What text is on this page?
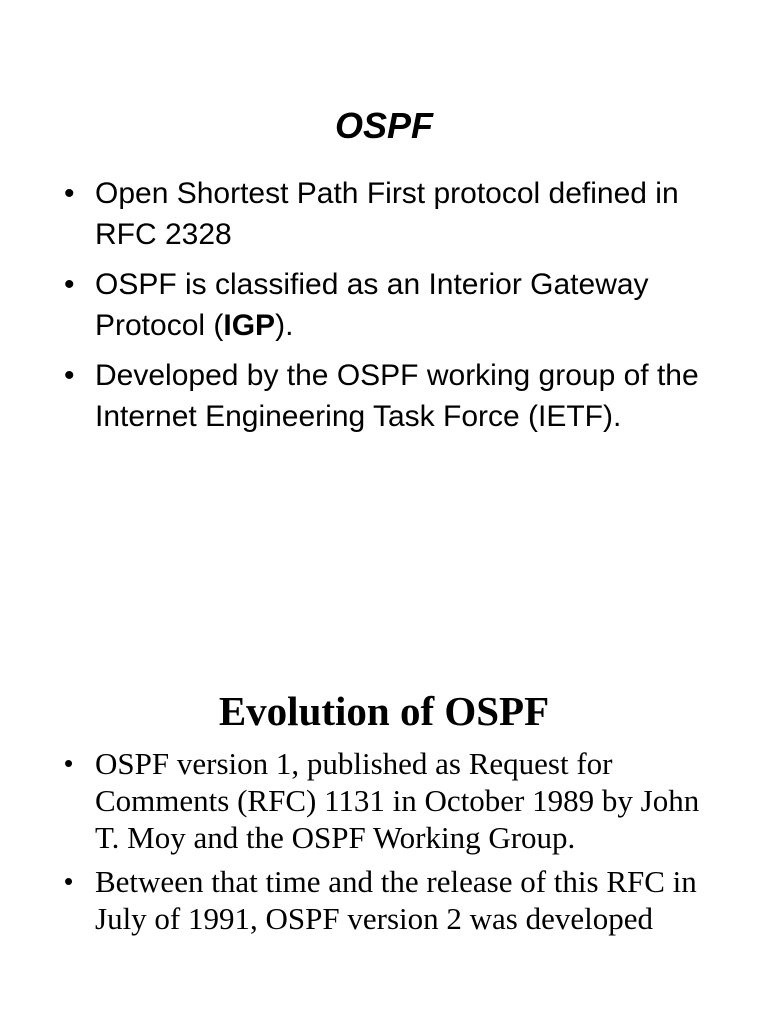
OSPF
• Open Shortest Path First protocol defined in RFC 2328
• OSPF is classified as an Interior Gateway Protocol (IGP).
• Developed by the OSPF working group of the Internet Engineering Task Force (IETF).
Evolution of OSPF
• OSPF version 1, published as Request for Comments (RFC) 1131 in October 1989 by John T. Moy and the OSPF Working Group.
• Between that time and the release of this RFC in July of 1991, OSPF version 2 was developed
